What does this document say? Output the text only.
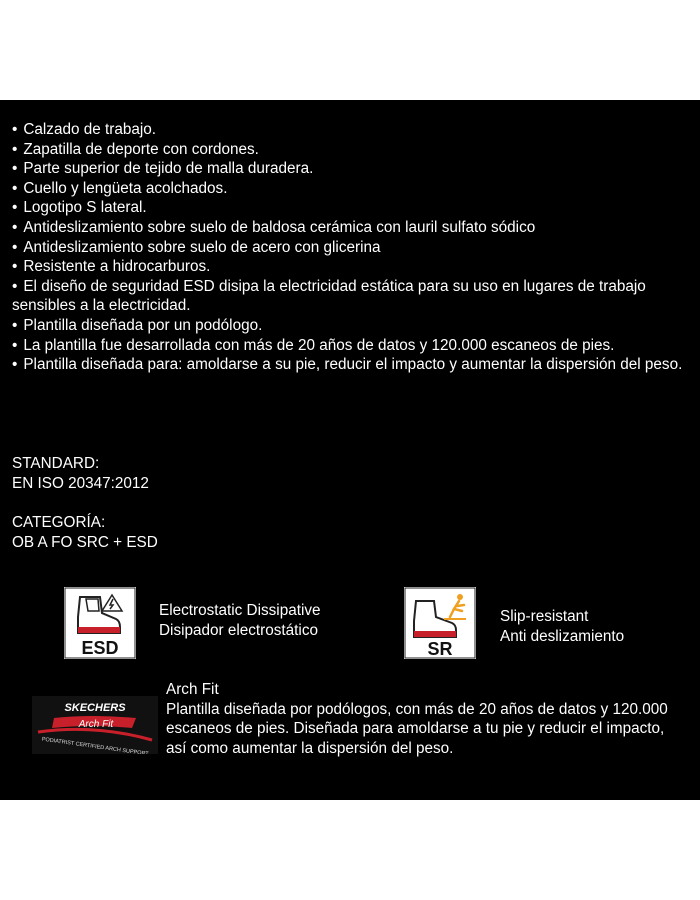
• Calzado de trabajo.
• Zapatilla de deporte con cordones.
• Parte superior de tejido de malla duradera.
• Cuello y lengüeta acolchados.
• Logotipo S lateral.
• Antideslizamiento sobre suelo de baldosa cerámica con lauril sulfato sódico
• Antideslizamiento sobre suelo de acero con glicerina
• Resistente a hidrocarburos.
• El diseño de seguridad ESD disipa la electricidad estática para su uso en lugares de trabajo sensibles a la electricidad.
• Plantilla diseñada por un podólogo.
• La plantilla fue desarrollada con más de 20 años de datos y 120.000 escaneos de pies.
• Plantilla diseñada para: amoldarse a su pie, reducir el impacto y aumentar la dispersión del peso.
STANDARD:
EN ISO 20347:2012
CATEGORÍA:
OB A FO SRC + ESD
ESD
Electrostatic Dissipative
Disipador electrostático
SR
Slip-resistant
Anti deslizamiento
SKECHERS
Arch Fit
PODIATRIST CERTIFIED ARCH SUPPORT
Arch Fit
Plantilla diseñada por podólogos, con más de 20 años de datos y 120.000 escaneos de pies. Diseñada para amoldarse a tu pie y reducir el impacto, así como aumentar la dispersión del peso.
